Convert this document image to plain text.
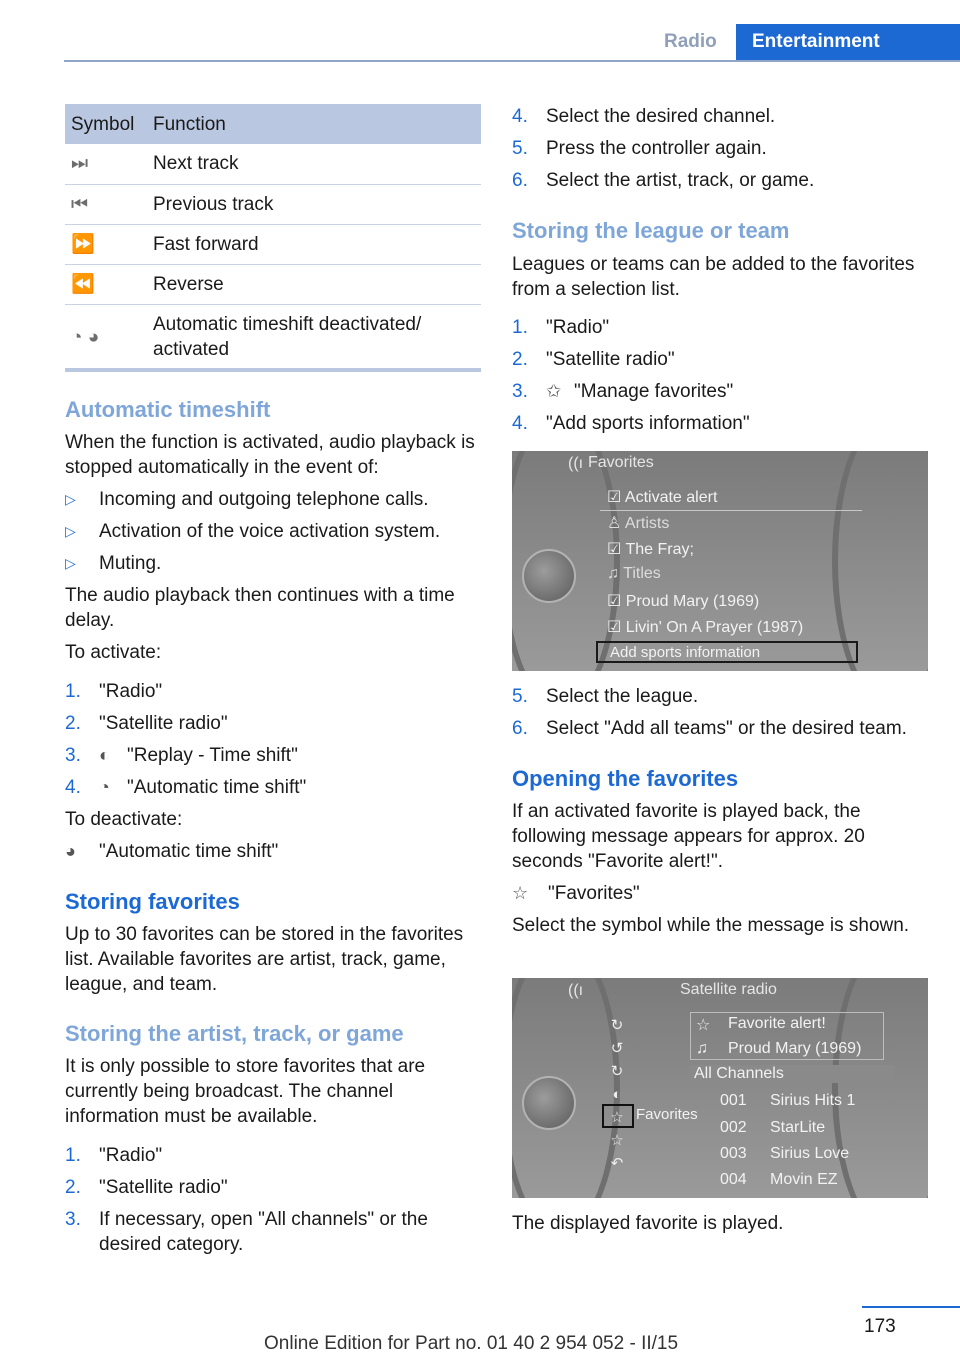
Radio	Entertainment
Symbol	Function
⏭	Next track
⏮	Previous track
⏩	Fast forward
⏪	Reverse
◔ ◕	Automatic timeshift deactivated/ activated
Automatic timeshift
When the function is activated, audio playback is stopped automatically in the event of:
▷ Incoming and outgoing telephone calls.
▷ Activation of the voice activation system.
▷ Muting.
The audio playback then continues with a time delay.
To activate:
1. "Radio"
2. "Satellite radio"
3. ◐ "Replay - Time shift"
4. ◔ "Automatic time shift"
To deactivate:
◕ "Automatic time shift"
Storing favorites
Up to 30 favorites can be stored in the favorites list. Available favorites are artist, track, game, league, and team.
Storing the artist, track, or game
It is only possible to store favorites that are currently being broadcast. The channel information must be available.
1. "Radio"
2. "Satellite radio"
3. If necessary, open "All channels" or the desired category.
4. Select the desired channel.
5. Press the controller again.
6. Select the artist, track, or game.
Storing the league or team
Leagues or teams can be added to the favorites from a selection list.
1. "Radio"
2. "Satellite radio"
3. ✩ "Manage favorites"
4. "Add sports information"
((ı Favorites
☑ Activate alert
♙ Artists
☑ The Fray;
♫ Titles
☑ Proud Mary (1969)
☑ Livin' On A Prayer (1987)
Add sports information
5. Select the league.
6. Select "Add all teams" or the desired team.
Opening the favorites
If an activated favorite is played back, the following message appears for approx. 20 seconds "Favorite alert!".
☆ "Favorites"
Select the symbol while the message is shown.
((ı	Satellite radio
↻
↺
↻
◐
☆
☆
↶
Favorites
☆ Favorite alert!
♫ Proud Mary (1969)
All Channels
001 Sirius Hits 1
002 StarLite
003 Sirius Love
004 Movin EZ
The displayed favorite is played.
173
Online Edition for Part no. 01 40 2 954 052 - II/15
